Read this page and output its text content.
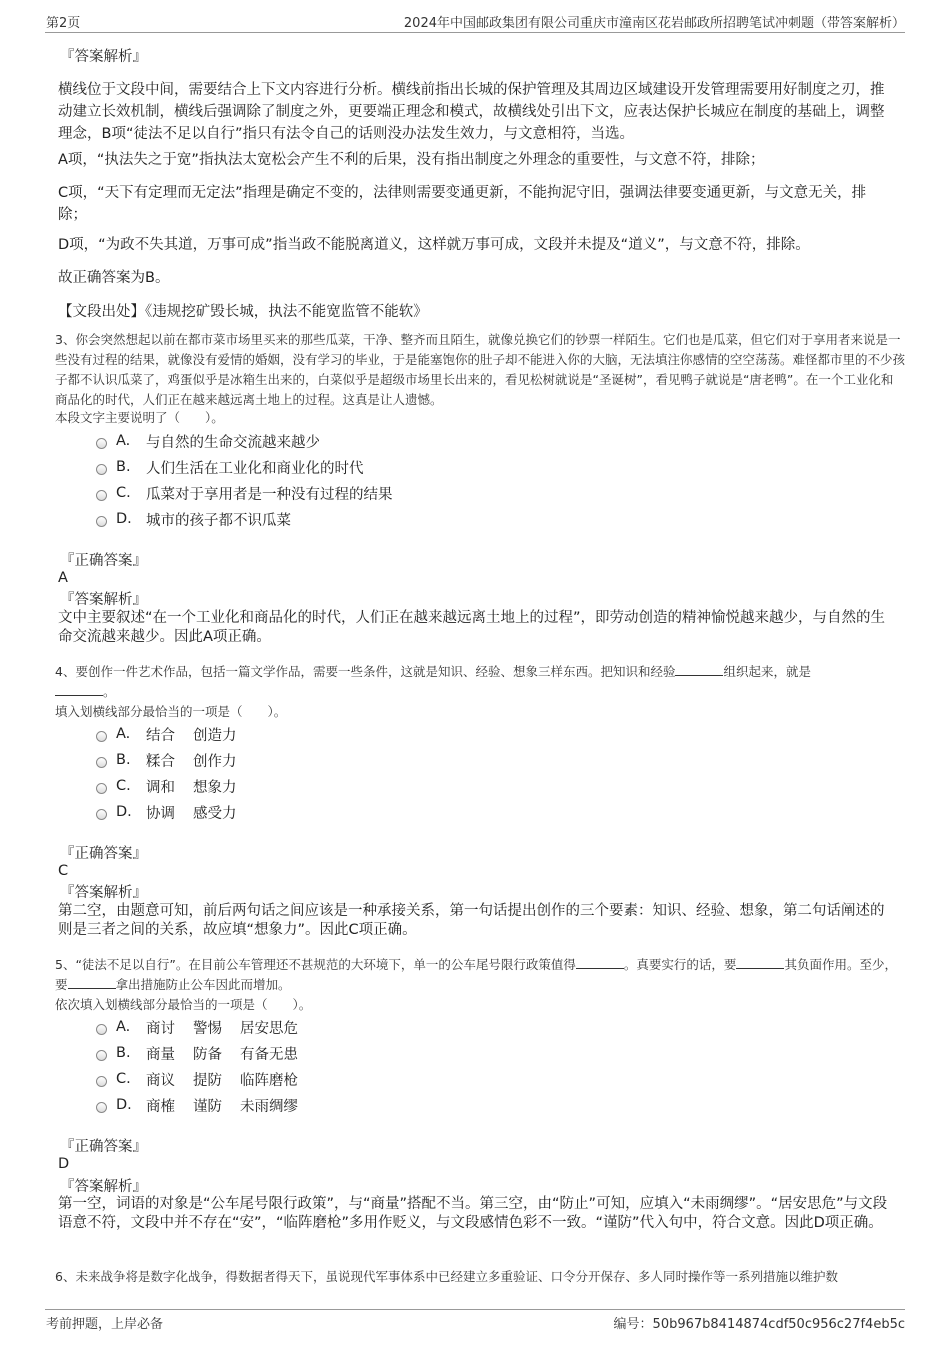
第2页	2024年中国邮政集团有限公司重庆市潼南区花岩邮政所招聘笔试冲刺题（带答案解析）
『答案解析』
横线位于文段中间，需要结合上下文内容进行分析。横线前指出长城的保护管理及其周边区域建设开发管理需要用好制度之刃，推动建立长效机制，横线后强调除了制度之外，更要端正理念和模式，故横线处引出下文，应表达保护长城应在制度的基础上，调整理念，B项“徒法不足以自行”指只有法令自己的话则没办法发生效力，与文意相符，当选。
A项，“执法失之于宽”指执法太宽松会产生不利的后果，没有指出制度之外理念的重要性，与文意不符，排除；
C项，“天下有定理而无定法”指理是确定不变的，法律则需要变通更新，不能拘泥守旧，强调法律要变通更新，与文意无关，排除；
D项，“为政不失其道，万事可成”指当政不能脱离道义，这样就万事可成，文段并未提及“道义”，与文意不符，排除。
故正确答案为B。
【文段出处】《违规挖矿毁长城，执法不能宽监管不能软》
3、你会突然想起以前在都市菜市场里买来的那些瓜菜，干净、整齐而且陌生，就像兑换它们的钞票一样陌生。它们也是瓜菜，但它们对于享用者来说是一些没有过程的结果，就像没有爱情的婚姻，没有学习的毕业，于是能塞饱你的肚子却不能进入你的大脑，无法填注你感情的空空荡荡。难怪都市里的不少孩子都不认识瓜菜了，鸡蛋似乎是冰箱生出来的，白菜似乎是超级市场里长出来的，看见松树就说是“圣诞树”，看见鸭子就说是“唐老鸭”。在一个工业化和商品化的时代，人们正在越来越远离土地上的过程。这真是让人遗憾。
本段文字主要说明了（　　）。
A.	与自然的生命交流越来越少
B.	人们生活在工业化和商业化的时代
C.	瓜菜对于享用者是一种没有过程的结果
D. 城市的孩子都不识瓜菜
『正确答案』
A
『答案解析』
文中主要叙述“在一个工业化和商品化的时代，人们正在越来越远离土地上的过程”，即劳动创造的精神愉悦越来越少，与自然的生命交流越来越少。因此A项正确。
4、要创作一件艺术作品，包括一篇文学作品，需要一些条件，这就是知识、经验、想象三样东西。把知识和经验	组织起来，就是
。
填入划横线部分最恰当的一项是（　　）。
A.	结合 创造力
B.	糅合 创作力
C.	调和 想象力
D. 协调 感受力
『正确答案』
C
『答案解析』
第二空，由题意可知，前后两句话之间应该是一种承接关系，第一句话提出创作的三个要素：知识、经验、想象，第二句话阐述的则是三者之间的关系，故应填“想象力”。因此C项正确。
5、“徒法不足以自行”。在目前公车管理还不甚规范的大环境下，单一的公车尾号限行政策值得	。真要实行的话，要	其负面作用。至少，要	拿出措施防止公车因此而增加。
依次填入划横线部分最恰当的一项是（　　）。
A.	商讨 警惕 居安思危
B.	商量 防备 有备无患
C.	商议 提防 临阵磨枪
D. 商榷 谨防 未雨绸缪
『正确答案』
D
『答案解析』
第一空，词语的对象是“公车尾号限行政策”，与“商量”搭配不当。第三空，由“防止”可知，应填入“未雨绸缪”。“居安思危”与文段语意不符，文段中并不存在“安”，“临阵磨枪”多用作贬义，与文段感情色彩不一致。“谨防”代入句中，符合文意。因此D项正确。
6、未来战争将是数字化战争，得数据者得天下，虽说现代军事体系中已经建立多重验证、口令分开保存、多人同时操作等一系列措施以维护数
考前押题，上岸必备	编号：50b967b8414874cdf50c956c27f4eb5c
